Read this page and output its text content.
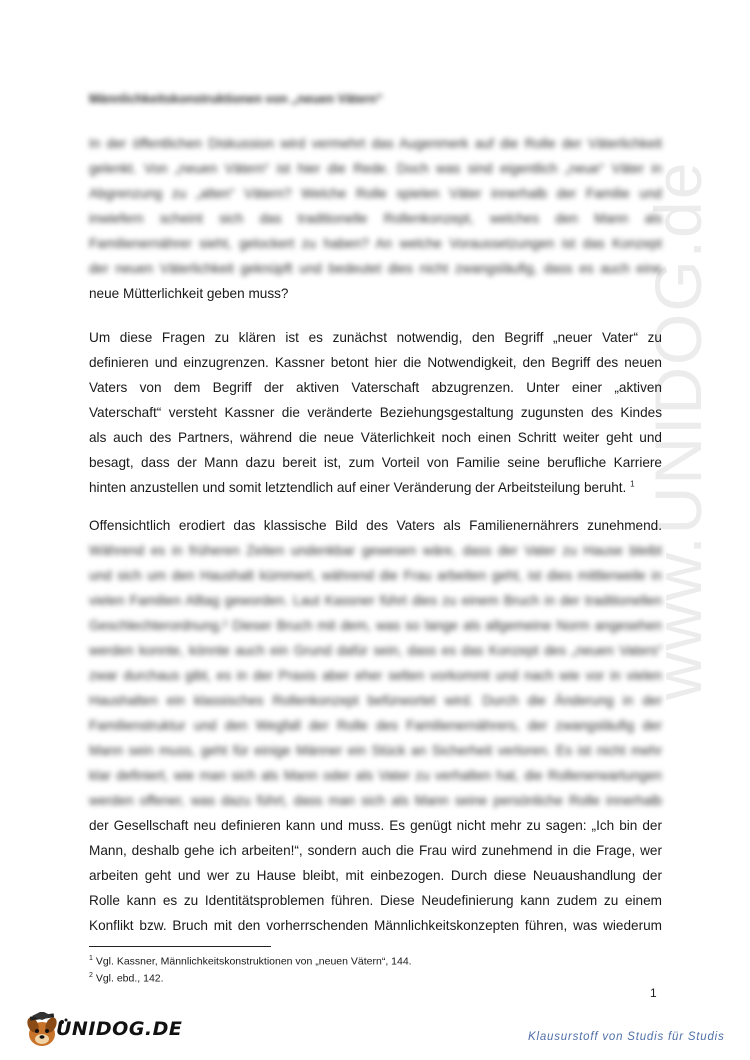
www.UNIDOG.de
Männlichkeitskonstruktionen von „neuen Vätern“
In der öffentlichen Diskussion wird vermehrt das Augenmerk auf die Rolle der Väterlichkeit
gelenkt. Von „neuen Vätern“ ist hier die Rede. Doch was sind eigentlich „neue“ Väter in
Abgrenzung zu „alten“ Vätern? Welche Rolle spielen Väter innerhalb der Familie und
inwiefern scheint sich das traditionelle Rollenkonzept, welches den Mann als
Familienernährer sieht, gelockert zu haben? An welche Voraussetzungen ist das Konzept
der neuen Väterlichkeit geknüpft und bedeutet dies nicht zwangsläufig, dass es auch eine
neue Mütterlichkeit geben muss?
Um diese Fragen zu klären ist es zunächst notwendig, den Begriff „neuer Vater“ zu
definieren und einzugrenzen. Kassner betont hier die Notwendigkeit, den Begriff des neuen
Vaters von dem Begriff der aktiven Vaterschaft abzugrenzen. Unter einer „aktiven
Vaterschaft“ versteht Kassner die veränderte Beziehungsgestaltung zugunsten des Kindes
als auch des Partners, während die neue Väterlichkeit noch einen Schritt weiter geht und
besagt, dass der Mann dazu bereit ist, zum Vorteil von Familie seine berufliche Karriere
hinten anzustellen und somit letztendlich auf einer Veränderung der Arbeitsteilung beruht. $^1$
Offensichtlich erodiert das klassische Bild des Vaters als Familienernährers zunehmend.
Während es in früheren Zeiten undenkbar gewesen wäre, dass der Vater zu Hause bleibt
und sich um den Haushalt kümmert, während die Frau arbeiten geht, ist dies mittlerweile in
vielen Familien Alltag geworden. Laut Kassner führt dies zu einem Bruch in der traditionellen
Geschlechterordnung.² Dieser Bruch mit dem, was so lange als allgemeine Norm angesehen
werden konnte, könnte auch ein Grund dafür sein, dass es das Konzept des „neuen Vaters“
zwar durchaus gibt, es in der Praxis aber eher selten vorkommt und nach wie vor in vielen
Haushalten ein klassisches Rollenkonzept befürwortet wird. Durch die Änderung in der
Familienstruktur und den Wegfall der Rolle des Familienernährers, der zwangsläufig der
Mann sein muss, geht für einige Männer ein Stück an Sicherheit verloren. Es ist nicht mehr
klar definiert, wie man sich als Mann oder als Vater zu verhalten hat, die Rollenerwartungen
werden offener, was dazu führt, dass man sich als Mann seine persönliche Rolle innerhalb
der Gesellschaft neu definieren kann und muss. Es genügt nicht mehr zu sagen: „Ich bin der
Mann, deshalb gehe ich arbeiten!“, sondern auch die Frau wird zunehmend in die Frage, wer
arbeiten geht und wer zu Hause bleibt, mit einbezogen. Durch diese Neuaushandlung der
Rolle kann es zu Identitätsproblemen führen. Diese Neudefinierung kann zudem zu einem
Konflikt bzw. Bruch mit den vorherrschenden Männlichkeitskonzepten führen, was wiederum
$^1$ Vgl. Kassner, Männlichkeitskonstruktionen von „neuen Vätern“, 144.
$^2$ Vgl. ebd., 142.
1
UNIDOG.DE	Klausurstoff von Studis für Studis
